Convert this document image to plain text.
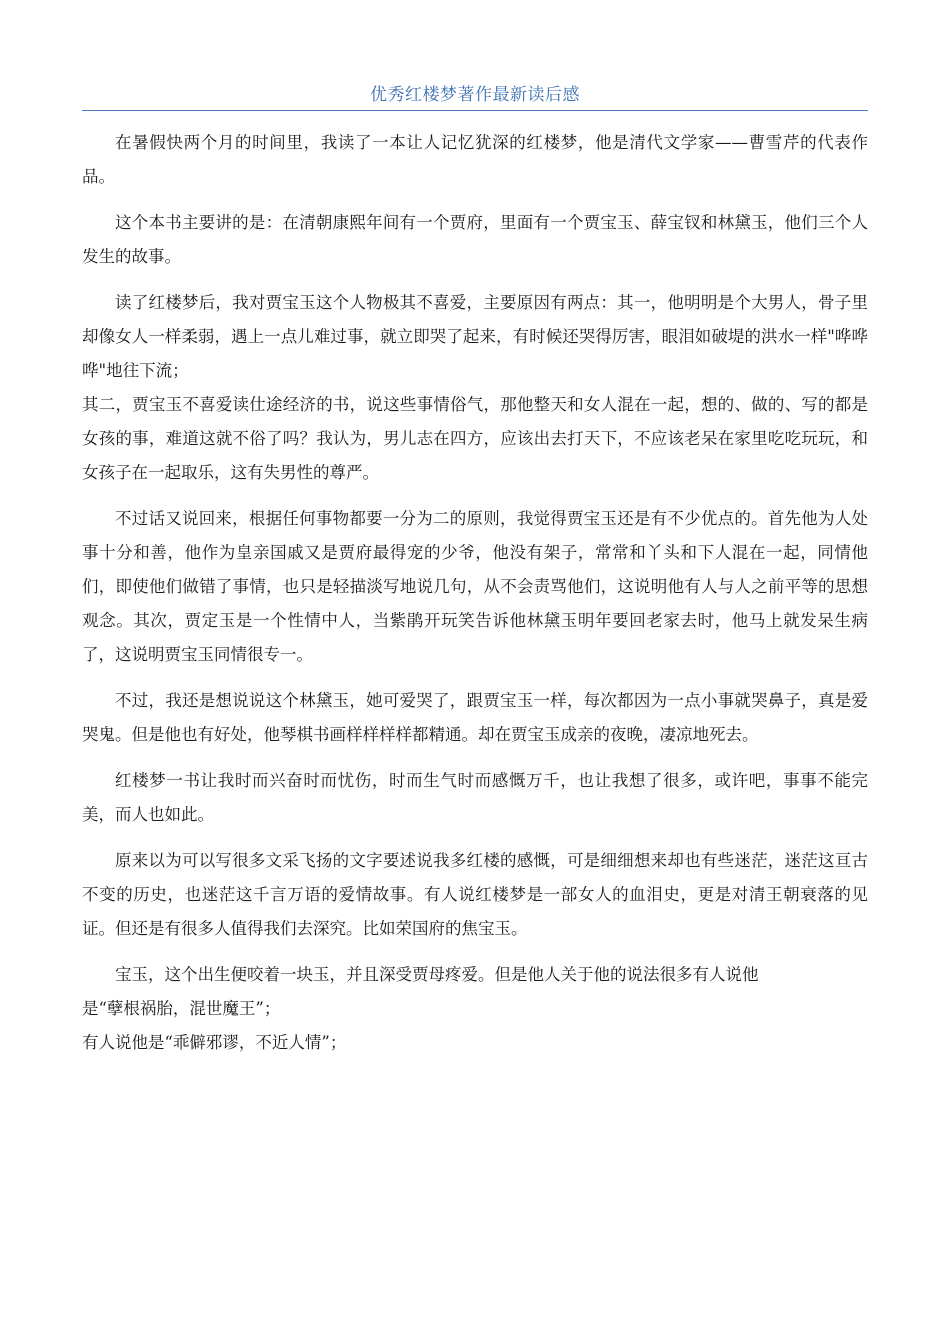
优秀红楼梦著作最新读后感

在暑假快两个月的时间里，我读了一本让人记忆犹深的红楼梦，他是清代文学家——曹雪芹的代表作品。

这个本书主要讲的是：在清朝康熙年间有一个贾府，里面有一个贾宝玉、薛宝钗和林黛玉，他们三个人发生的故事。

读了红楼梦后，我对贾宝玉这个人物极其不喜爱，主要原因有两点：其一，他明明是个大男人，骨子里却像女人一样柔弱，遇上一点儿难过事，就立即哭了起来，有时候还哭得厉害，眼泪如破堤的洪水一样"哗哗哗"地往下流；

其二，贾宝玉不喜爱读仕途经济的书，说这些事情俗气，那他整天和女人混在一起，想的、做的、写的都是女孩的事，难道这就不俗了吗？我认为，男儿志在四方，应该出去打天下，不应该老呆在家里吃吃玩玩，和女孩子在一起取乐，这有失男性的尊严。

不过话又说回来，根据任何事物都要一分为二的原则，我觉得贾宝玉还是有不少优点的。首先他为人处事十分和善，他作为皇亲国戚又是贾府最得宠的少爷，他没有架子，常常和丫头和下人混在一起，同情他们，即使他们做错了事情，也只是轻描淡写地说几句，从不会责骂他们，这说明他有人与人之前平等的思想观念。其次，贾定玉是一个性情中人，当紫鹃开玩笑告诉他林黛玉明年要回老家去时，他马上就发呆生病了，这说明贾宝玉同情很专一。

不过，我还是想说说这个林黛玉，她可爱哭了，跟贾宝玉一样，每次都因为一点小事就哭鼻子，真是爱哭鬼。但是他也有好处，他琴棋书画样样样样都精通。却在贾宝玉成亲的夜晚，凄凉地死去。

红楼梦一书让我时而兴奋时而忧伤，时而生气时而感慨万千，也让我想了很多，或许吧，事事不能完美，而人也如此。

原来以为可以写很多文采飞扬的文字要述说我多红楼的感慨，可是细细想来却也有些迷茫，迷茫这亘古不变的历史，也迷茫这千言万语的爱情故事。有人说红楼梦是一部女人的血泪史，更是对清王朝衰落的见证。但还是有很多人值得我们去深究。比如荣国府的焦宝玉。

宝玉，这个出生便咬着一块玉，并且深受贾母疼爱。但是他人关于他的说法很多有人说他

是“孽根祸胎，混世魔王”；

有人说他是“乖僻邪谬，不近人情”；
